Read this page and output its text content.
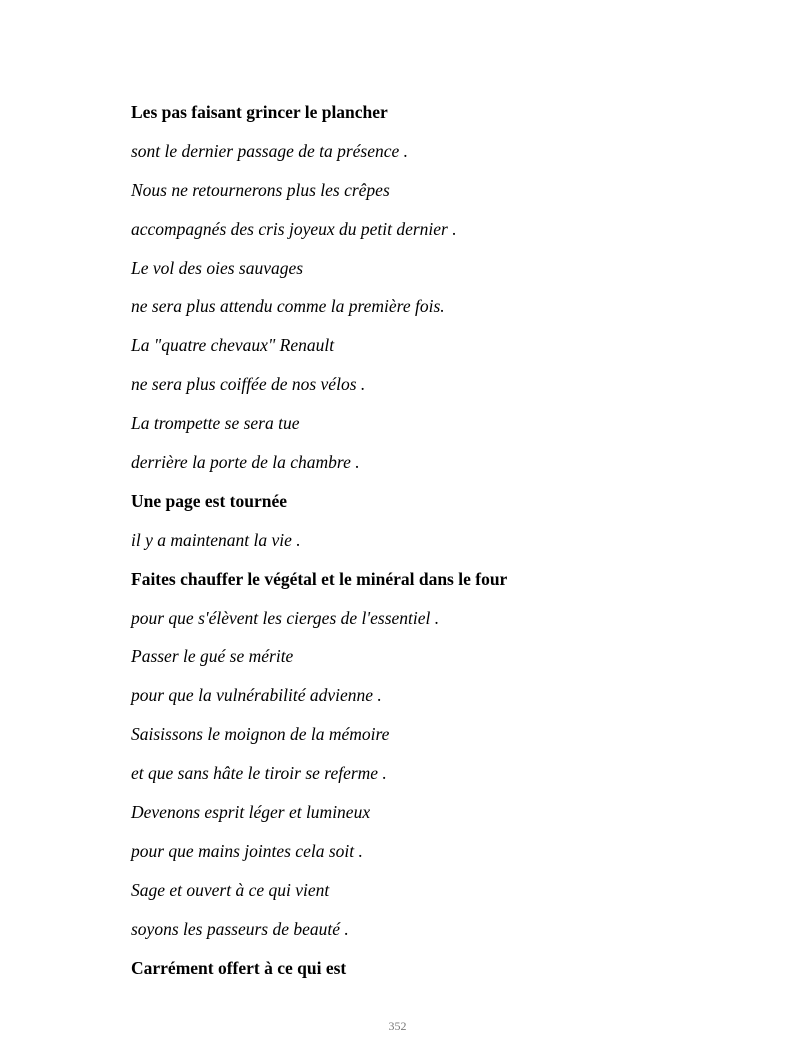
Les pas faisant grincer le plancher
sont le dernier passage de ta présence .
Nous ne retournerons plus les crêpes
accompagnés des cris joyeux du petit dernier .
Le vol des oies sauvages
ne sera plus attendu comme la première fois.
La "quatre chevaux" Renault
ne sera plus coiffée de nos vélos .
La trompette se sera tue
derrière la porte de la chambre .
Une page est tournée
il y a maintenant la vie .
Faites chauffer le végétal et le minéral dans le four
pour que s'élèvent les cierges de l'essentiel .
Passer le gué se mérite
pour que la vulnérabilité advienne .
Saisissons le moignon de la mémoire
et que sans hâte le tiroir se referme .
Devenons esprit léger et lumineux
pour que mains jointes cela soit .
Sage et ouvert à ce qui vient
soyons les passeurs de beauté .
Carrément offert à ce qui est
352
